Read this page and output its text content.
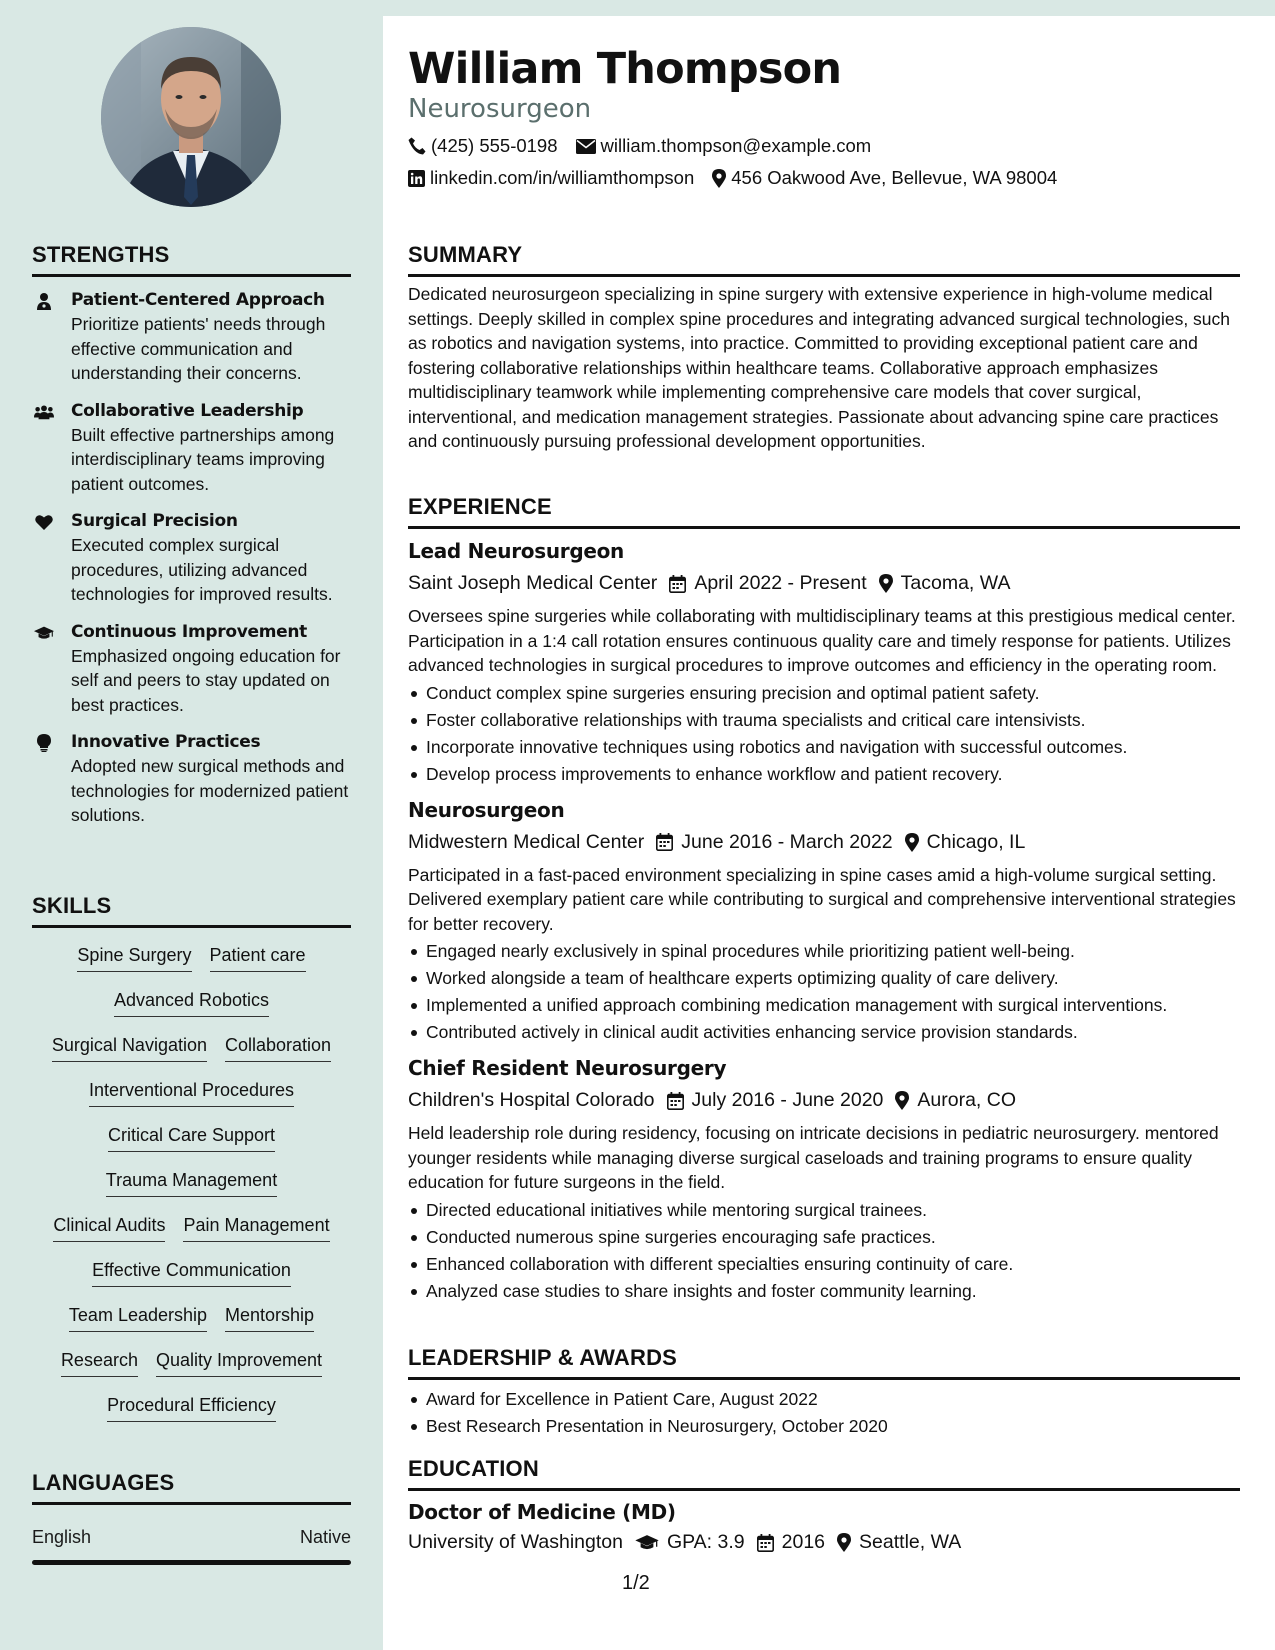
STRENGTHS
Patient-Centered Approach
Prioritize patients' needs through effective communication and understanding their concerns.
Collaborative Leadership
Built effective partnerships among interdisciplinary teams improving patient outcomes.
Surgical Precision
Executed complex surgical procedures, utilizing advanced technologies for improved results.
Continuous Improvement
Emphasized ongoing education for self and peers to stay updated on best practices.
Innovative Practices
Adopted new surgical methods and technologies for modernized patient solutions.
SKILLS
Spine Surgery Patient care
Advanced Robotics
Surgical Navigation Collaboration
Interventional Procedures
Critical Care Support
Trauma Management
Clinical Audits Pain Management
Effective Communication
Team Leadership Mentorship
Research Quality Improvement
Procedural Efficiency
LANGUAGES
English	Native
William Thompson
Neurosurgeon
(425) 555-0198 william.thompson@example.com
linkedin.com/in/williamthompson 456 Oakwood Ave, Bellevue, WA 98004
SUMMARY
Dedicated neurosurgeon specializing in spine surgery with extensive experience in high-volume medical settings. Deeply skilled in complex spine procedures and integrating advanced surgical technologies, such as robotics and navigation systems, into practice. Committed to providing exceptional patient care and fostering collaborative relationships within healthcare teams. Collaborative approach emphasizes multidisciplinary teamwork while implementing comprehensive care models that cover surgical, interventional, and medication management strategies. Passionate about advancing spine care practices and continuously pursuing professional development opportunities.
EXPERIENCE
Lead Neurosurgeon
Saint Joseph Medical Center April 2022 - Present Tacoma, WA
Oversees spine surgeries while collaborating with multidisciplinary teams at this prestigious medical center. Participation in a 1:4 call rotation ensures continuous quality care and timely response for patients. Utilizes advanced technologies in surgical procedures to improve outcomes and efficiency in the operating room.
Conduct complex spine surgeries ensuring precision and optimal patient safety.
Foster collaborative relationships with trauma specialists and critical care intensivists.
Incorporate innovative techniques using robotics and navigation with successful outcomes.
Develop process improvements to enhance workflow and patient recovery.
Neurosurgeon
Midwestern Medical Center June 2016 - March 2022 Chicago, IL
Participated in a fast-paced environment specializing in spine cases amid a high-volume surgical setting. Delivered exemplary patient care while contributing to surgical and comprehensive interventional strategies for better recovery.
Engaged nearly exclusively in spinal procedures while prioritizing patient well-being.
Worked alongside a team of healthcare experts optimizing quality of care delivery.
Implemented a unified approach combining medication management with surgical interventions.
Contributed actively in clinical audit activities enhancing service provision standards.
Chief Resident Neurosurgery
Children's Hospital Colorado July 2016 - June 2020 Aurora, CO
Held leadership role during residency, focusing on intricate decisions in pediatric neurosurgery. mentored younger residents while managing diverse surgical caseloads and training programs to ensure quality education for future surgeons in the field.
Directed educational initiatives while mentoring surgical trainees.
Conducted numerous spine surgeries encouraging safe practices.
Enhanced collaboration with different specialties ensuring continuity of care.
Analyzed case studies to share insights and foster community learning.
LEADERSHIP & AWARDS
Award for Excellence in Patient Care, August 2022
Best Research Presentation in Neurosurgery, October 2020
EDUCATION
Doctor of Medicine (MD)
University of Washington GPA: 3.9 2016 Seattle, WA
1/2
